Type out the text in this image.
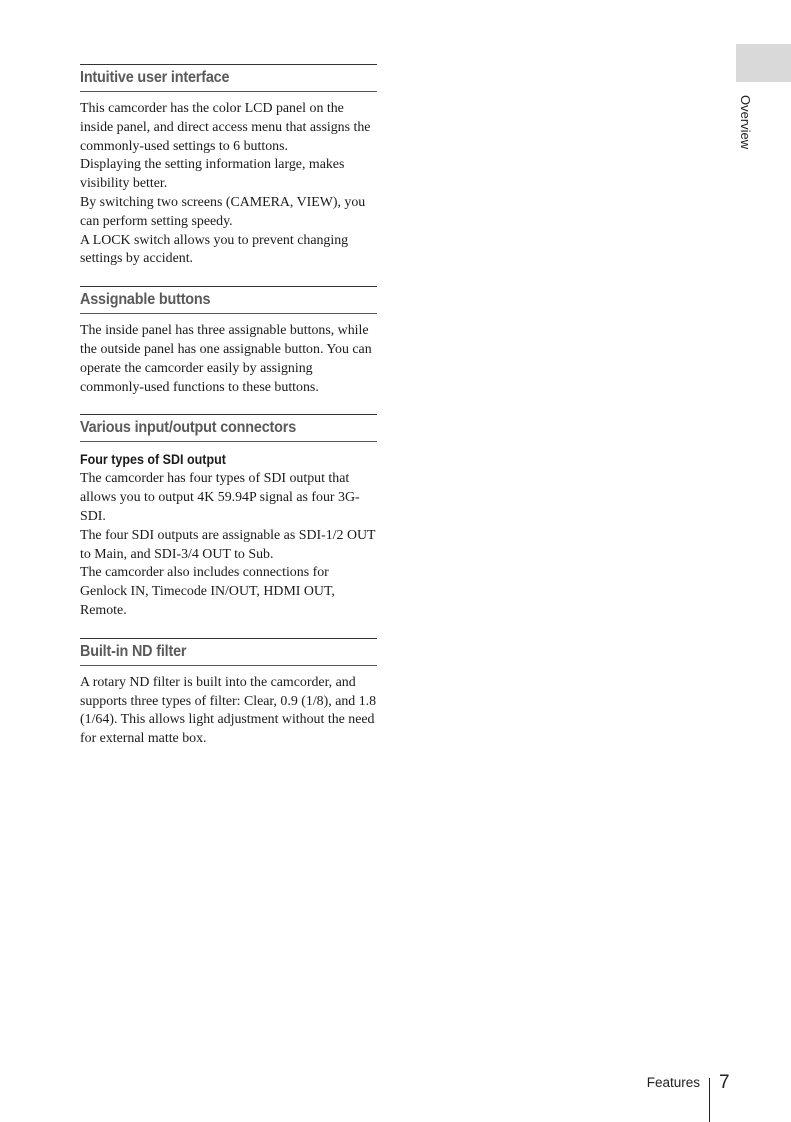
Overview
Intuitive user interface

This camcorder has the color LCD panel on the inside panel, and direct access menu that assigns the commonly-used settings to 6 buttons.

Displaying the setting information large, makes visibility better.

By switching two screens (CAMERA, VIEW), you can perform setting speedy.

A LOCK switch allows you to prevent changing settings by accident.

Assignable buttons

The inside panel has three assignable buttons, while the outside panel has one assignable button. You can operate the camcorder easily by assigning commonly-used functions to these buttons.

Various input/output connectors
Four types of SDI output

The camcorder has four types of SDI output that allows you to output 4K 59.94P signal as four 3G-SDI.

The four SDI outputs are assignable as SDI-1/2 OUT to Main, and SDI-3/4 OUT to Sub.

The camcorder also includes connections for Genlock IN, Timecode IN/OUT, HDMI OUT, Remote.

Built-in ND filter

A rotary ND filter is built into the camcorder, and supports three types of filter: Clear, 0.9 (1/8), and 1.8 (1/64). This allows light adjustment without the need for external matte box.

Features 7
